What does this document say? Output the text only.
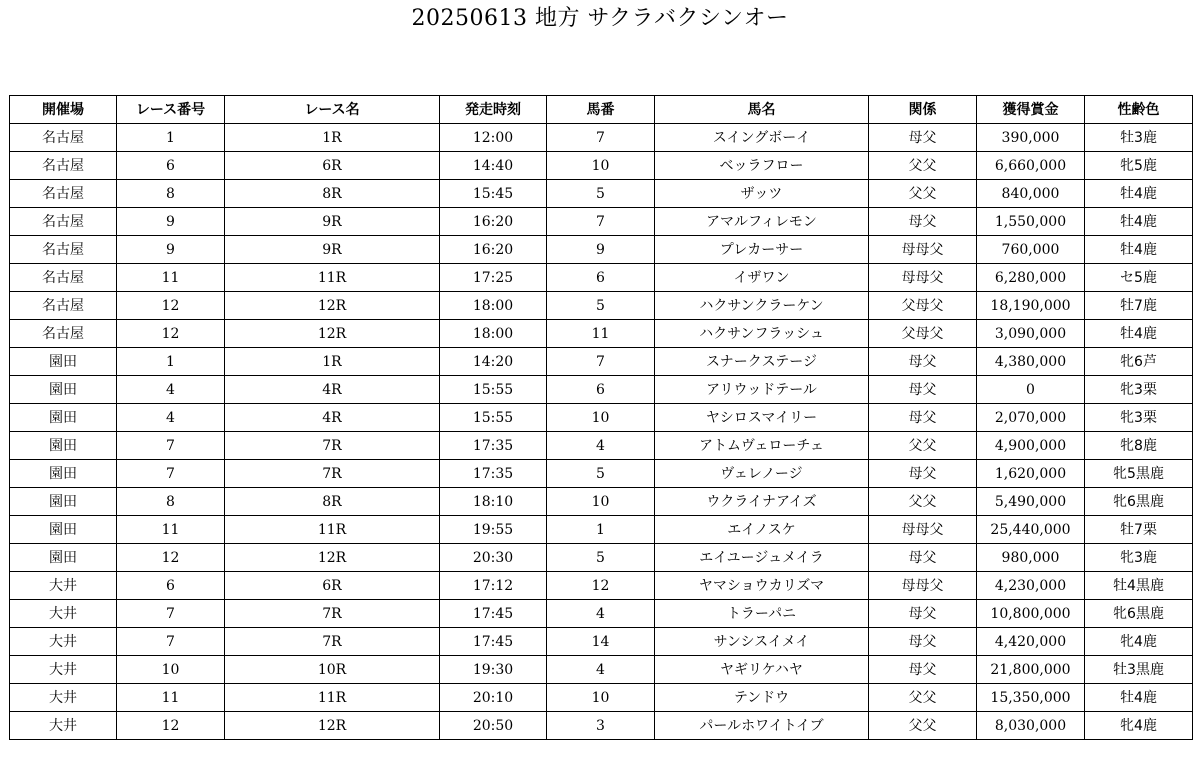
20250613 地方 サクラバクシンオー
開催場	レース番号	レース名	発走時刻	馬番	馬名	関係	獲得賞金	性齢色
名古屋	1	1R	12:00	7	スイングボーイ	母父	390,000	牡3鹿
名古屋	6	6R	14:40	10	ベッラフロー	父父	6,660,000	牝5鹿
名古屋	8	8R	15:45	5	ザッツ	父父	840,000	牡4鹿
名古屋	9	9R	16:20	7	アマルフィレモン	母父	1,550,000	牡4鹿
名古屋	9	9R	16:20	9	プレカーサー	母母父	760,000	牡4鹿
名古屋	11	11R	17:25	6	イザワン	母母父	6,280,000	セ5鹿
名古屋	12	12R	18:00	5	ハクサンクラーケン	父母父	18,190,000	牡7鹿
名古屋	12	12R	18:00	11	ハクサンフラッシュ	父母父	3,090,000	牡4鹿
園田	1	1R	14:20	7	スナークステージ	母父	4,380,000	牝6芦
園田	4	4R	15:55	6	アリウッドテール	母父	0	牝3栗
園田	4	4R	15:55	10	ヤシロスマイリー	母父	2,070,000	牝3栗
園田	7	7R	17:35	4	アトムヴェローチェ	父父	4,900,000	牝8鹿
園田	7	7R	17:35	5	ヴェレノージ	母父	1,620,000	牝5黒鹿
園田	8	8R	18:10	10	ウクライナアイズ	父父	5,490,000	牝6黒鹿
園田	11	11R	19:55	1	エイノスケ	母母父	25,440,000	牡7栗
園田	12	12R	20:30	5	エイユージュメイラ	母父	980,000	牝3鹿
大井	6	6R	17:12	12	ヤマショウカリズマ	母母父	4,230,000	牡4黒鹿
大井	7	7R	17:45	4	トラーパニ	母父	10,800,000	牝6黒鹿
大井	7	7R	17:45	14	サンシスイメイ	母父	4,420,000	牝4鹿
大井	10	10R	19:30	4	ヤギリケハヤ	母父	21,800,000	牡3黒鹿
大井	11	11R	20:10	10	テンドウ	父父	15,350,000	牡4鹿
大井	12	12R	20:50	3	パールホワイトイブ	父父	8,030,000	牝4鹿
